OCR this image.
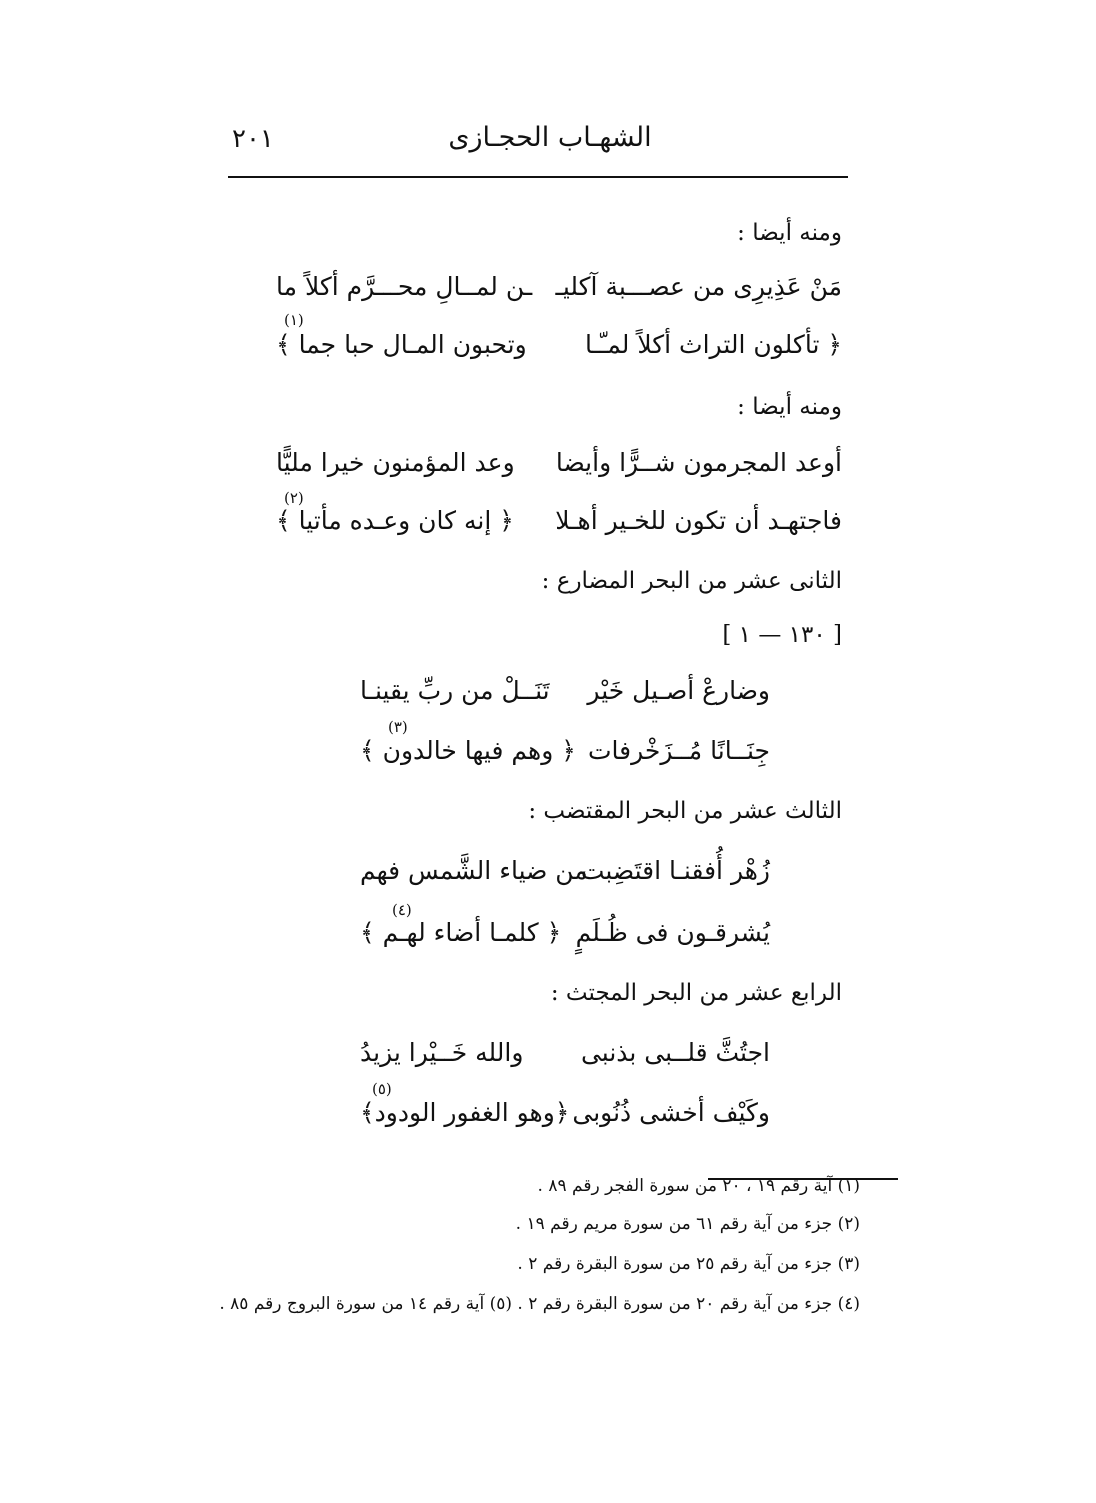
الشهـاب الحجـازى
٢٠١
ومنه أيضا :
مَنْ عَذِيرِى من عصـــبة آكليـ
ـن لمــالِ محـــرَّم أكلاً ما
(١)
﴿ تأكلون التراث أكلاً لمـّـا
وتحبون المـال حبا جما ﴾
ومنه أيضا :
أوعد المجرمون شــرًّا وأيضا
وعد المؤمنون خيرا مليًّا
(٢)
فاجتهـد أن تكون للخـير أهـلا
﴿ إنه كان وعـده مأتيا ﴾
الثانى عشر من البحر المضارع :
[ ١٣٠ — ١ ]
وضارعْ أصـيل خَيْر
تَنَــلْ من ربِّ يقينـا
(٣)
جِنَــانًا مُــزَخْرفات
﴿ وهم فيها خالدون ﴾
الثالث عشر من البحر المقتضب :
زُهْر أُفقنـا اقتَضِبت
من ضياء الشَّمس فهم
(٤)
يُشرقـون فى ظُـلَمٍ
﴿ كلمـا أضاء لهـم ﴾
الرابع عشر من البحر المجتث :
اجتُثَّ قلــبى بذنبى
والله خَــيْرا يزيدُ
(٥)
وكَيْف أخشى ذُنُوبى
﴿وهو الغفور الودود﴾
(١) آية رقم ١٩ ، ٢٠ من سورة الفجر رقم ٨٩ .
(٢) جزء من آية رقم ٦١ من سورة مريم رقم ١٩ .
(٣) جزء من آية رقم ٢٥ من سورة البقرة رقم ٢ .
(٤) جزء من آية رقم ٢٠ من سورة البقرة رقم ٢ . (٥) آية رقم ١٤ من سورة البروج رقم ٨٥ .
